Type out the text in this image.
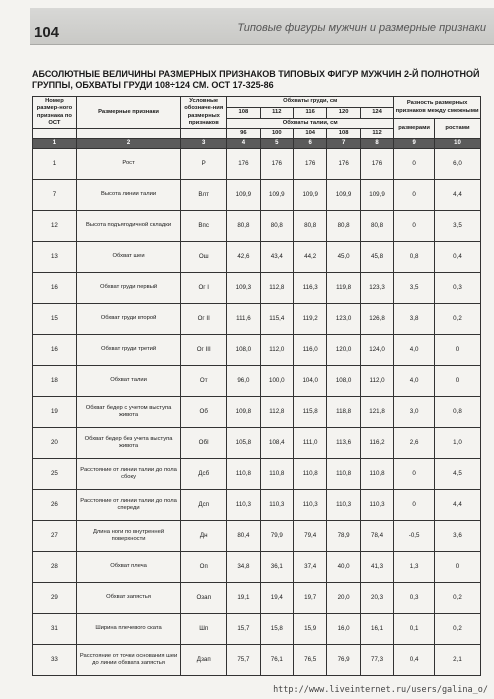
104	Типовые фигуры мужчин и размерные признаки
АБСОЛЮТНЫЕ ВЕЛИЧИНЫ РАЗМЕРНЫХ ПРИЗНАКОВ ТИПОВЫХ ФИГУР МУЖЧИН 2-Й ПОЛНОТНОЙ ГРУППЫ, ОБХВАТЫ ГРУДИ 108÷124 СМ. ОСТ 17-325-86
Номер размер-ного признака по ОСТ	Размерные признаки	Условные обозначе-ния размерных признаков	Обхваты груди, см					Разность размерных признаков между смежными	
			108	112	116	120	124		
			Обхваты талии, см					размерами	ростами
			96	100	104	108	112		
1	2	3	4	5	6	7	8	9	10
1	Рост	Р	176	176	176	176	176	0	6,0
7	Высота линии талии	Влт	109,9	109,9	109,9	109,9	109,9	0	4,4
12	Высота подъягодичной складки	Впс	80,8	80,8	80,8	80,8	80,8	0	3,5
13	Обхват шеи	Ош	42,6	43,4	44,2	45,0	45,8	0,8	0,4
16	Обхват груди первый	Ог I	109,3	112,8	116,3	119,8	123,3	3,5	0,3
15	Обхват груди второй	Ог II	111,6	115,4	119,2	123,0	126,8	3,8	0,2
16	Обхват груди третий	Ог III	108,0	112,0	116,0	120,0	124,0	4,0	0
18	Обхват талии	От	96,0	100,0	104,0	108,0	112,0	4,0	0
19	Обхват бедер с учетом выступа живота	Об	109,8	112,8	115,8	118,8	121,8	3,0	0,8
20	Обхват бедер без учета выступа живота	ОбI	105,8	108,4	111,0	113,6	116,2	2,6	1,0
25	Расстояние от линии талии до пола сбоку	Дсб	110,8	110,8	110,8	110,8	110,8	0	4,5
26	Расстояние от линии талии до пола спереди	Дсп	110,3	110,3	110,3	110,3	110,3	0	4,4
27	Длина ноги по внутренней поверхности	Дн	80,4	79,9	79,4	78,9	78,4	-0,5	3,6
28	Обхват плеча	Оп	34,8	36,1	37,4	40,0	41,3	1,3	0
29	Обхват запястья	Озап	19,1	19,4	19,7	20,0	20,3	0,3	0,2
31	Ширина плечевого ската	Шп	15,7	15,8	15,9	16,0	16,1	0,1	0,2
33	Расстояние от точки основания шеи до линии обхвата запястья	Дзап	75,7	76,1	76,5	76,9	77,3	0,4	2,1
http://www.liveinternet.ru/users/galina_o/
